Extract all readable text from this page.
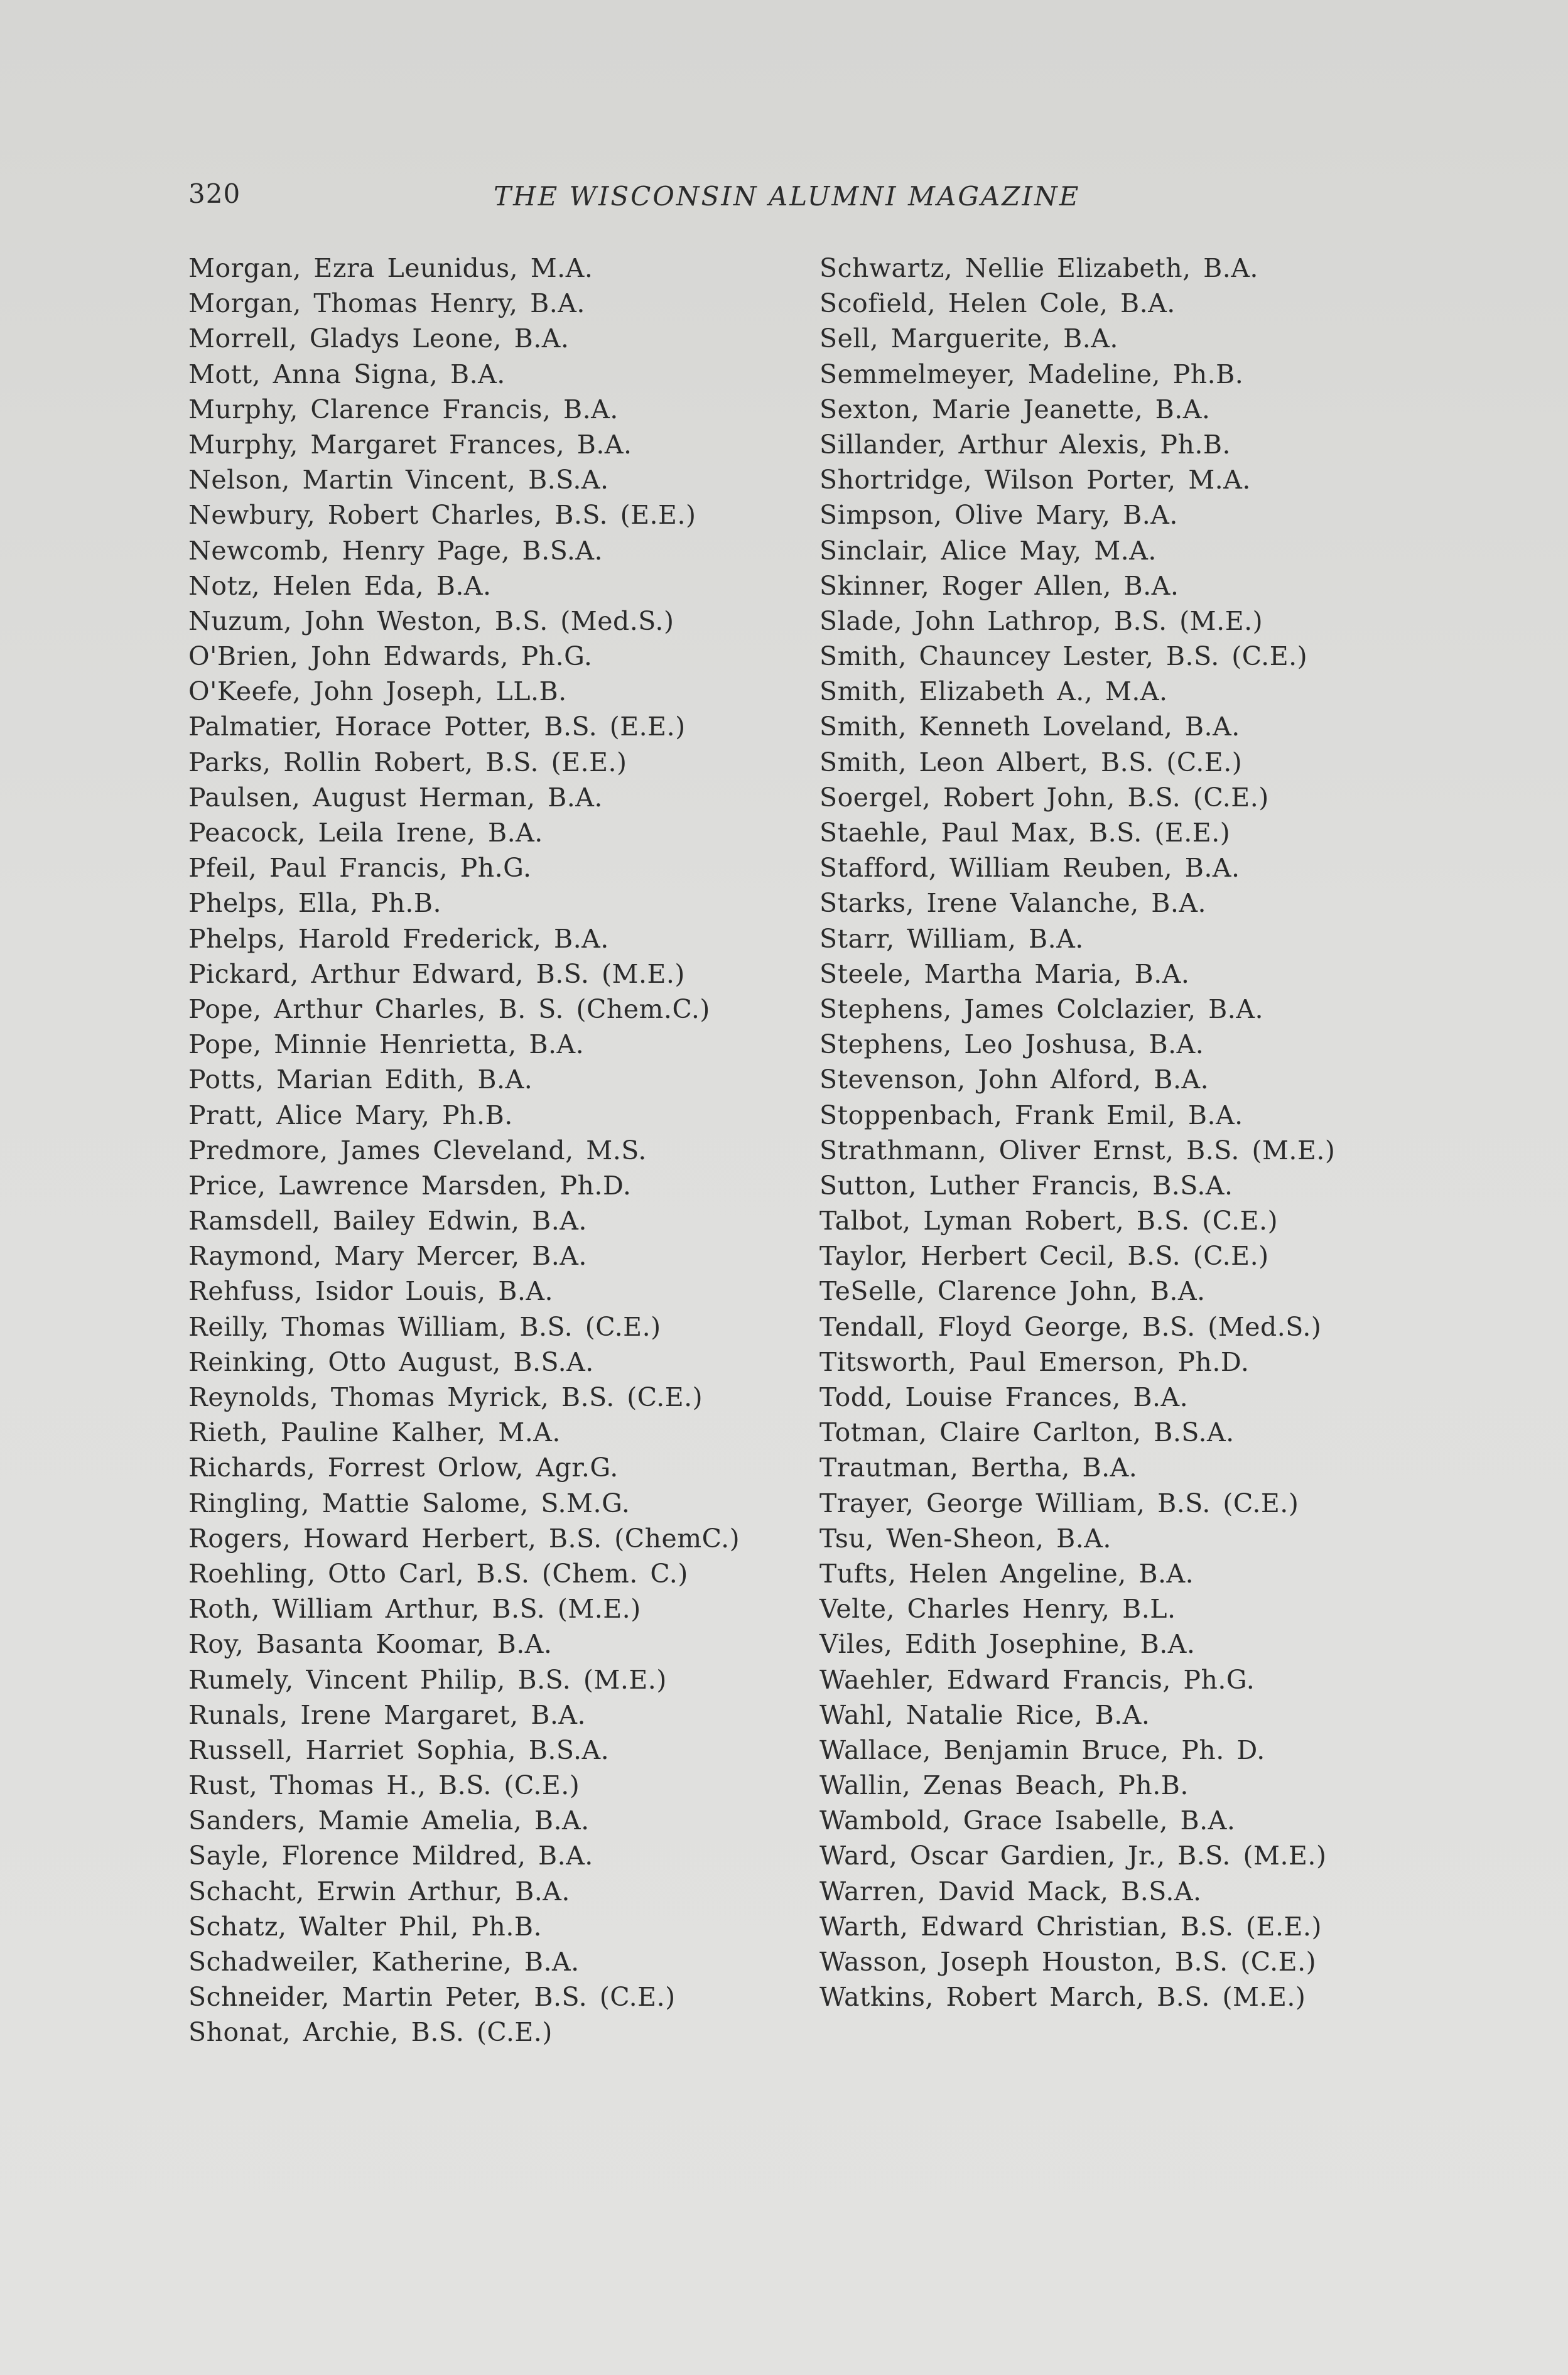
320	THE WISCONSIN ALUMNI MAGAZINE
Morgan, Ezra Leunidus, M.A.
Morgan, Thomas Henry, B.A.
Morrell, Gladys Leone, B.A.
Mott, Anna Signa, B.A.
Murphy, Clarence Francis, B.A.
Murphy, Margaret Frances, B.A.
Nelson, Martin Vincent, B.S.A.
Newbury, Robert Charles, B.S. (E.E.)
Newcomb, Henry Page, B.S.A.
Notz, Helen Eda, B.A.
Nuzum, John Weston, B.S. (Med.S.)
O'Brien, John Edwards, Ph.G.
O'Keefe, John Joseph, LL.B.
Palmatier, Horace Potter, B.S. (E.E.)
Parks, Rollin Robert, B.S. (E.E.)
Paulsen, August Herman, B.A.
Peacock, Leila Irene, B.A.
Pfeil, Paul Francis, Ph.G.
Phelps, Ella, Ph.B.
Phelps, Harold Frederick, B.A.
Pickard, Arthur Edward, B.S. (M.E.)
Pope, Arthur Charles, B. S. (Chem.C.)
Pope, Minnie Henrietta, B.A.
Potts, Marian Edith, B.A.
Pratt, Alice Mary, Ph.B.
Predmore, James Cleveland, M.S.
Price, Lawrence Marsden, Ph.D.
Ramsdell, Bailey Edwin, B.A.
Raymond, Mary Mercer, B.A.
Rehfuss, Isidor Louis, B.A.
Reilly, Thomas William, B.S. (C.E.)
Reinking, Otto August, B.S.A.
Reynolds, Thomas Myrick, B.S. (C.E.)
Rieth, Pauline Kalher, M.A.
Richards, Forrest Orlow, Agr.G.
Ringling, Mattie Salome, S.M.G.
Rogers, Howard Herbert, B.S. (ChemC.)
Roehling, Otto Carl, B.S. (Chem. C.)
Roth, William Arthur, B.S. (M.E.)
Roy, Basanta Koomar, B.A.
Rumely, Vincent Philip, B.S. (M.E.)
Runals, Irene Margaret, B.A.
Russell, Harriet Sophia, B.S.A.
Rust, Thomas H., B.S. (C.E.)
Sanders, Mamie Amelia, B.A.
Sayle, Florence Mildred, B.A.
Schacht, Erwin Arthur, B.A.
Schatz, Walter Phil, Ph.B.
Schadweiler, Katherine, B.A.
Schneider, Martin Peter, B.S. (C.E.)
Shonat, Archie, B.S. (C.E.)
Schwartz, Nellie Elizabeth, B.A.
Scofield, Helen Cole, B.A.
Sell, Marguerite, B.A.
Semmelmeyer, Madeline, Ph.B.
Sexton, Marie Jeanette, B.A.
Sillander, Arthur Alexis, Ph.B.
Shortridge, Wilson Porter, M.A.
Simpson, Olive Mary, B.A.
Sinclair, Alice May, M.A.
Skinner, Roger Allen, B.A.
Slade, John Lathrop, B.S. (M.E.)
Smith, Chauncey Lester, B.S. (C.E.)
Smith, Elizabeth A., M.A.
Smith, Kenneth Loveland, B.A.
Smith, Leon Albert, B.S. (C.E.)
Soergel, Robert John, B.S. (C.E.)
Staehle, Paul Max, B.S. (E.E.)
Stafford, William Reuben, B.A.
Starks, Irene Valanche, B.A.
Starr, William, B.A.
Steele, Martha Maria, B.A.
Stephens, James Colclazier, B.A.
Stephens, Leo Joshusa, B.A.
Stevenson, John Alford, B.A.
Stoppenbach, Frank Emil, B.A.
Strathmann, Oliver Ernst, B.S. (M.E.)
Sutton, Luther Francis, B.S.A.
Talbot, Lyman Robert, B.S. (C.E.)
Taylor, Herbert Cecil, B.S. (C.E.)
TeSelle, Clarence John, B.A.
Tendall, Floyd George, B.S. (Med.S.)
Titsworth, Paul Emerson, Ph.D.
Todd, Louise Frances, B.A.
Totman, Claire Carlton, B.S.A.
Trautman, Bertha, B.A.
Trayer, George William, B.S. (C.E.)
Tsu, Wen-Sheon, B.A.
Tufts, Helen Angeline, B.A.
Velte, Charles Henry, B.L.
Viles, Edith Josephine, B.A.
Waehler, Edward Francis, Ph.G.
Wahl, Natalie Rice, B.A.
Wallace, Benjamin Bruce, Ph. D.
Wallin, Zenas Beach, Ph.B.
Wambold, Grace Isabelle, B.A.
Ward, Oscar Gardien, Jr., B.S. (M.E.)
Warren, David Mack, B.S.A.
Warth, Edward Christian, B.S. (E.E.)
Wasson, Joseph Houston, B.S. (C.E.)
Watkins, Robert March, B.S. (M.E.)
